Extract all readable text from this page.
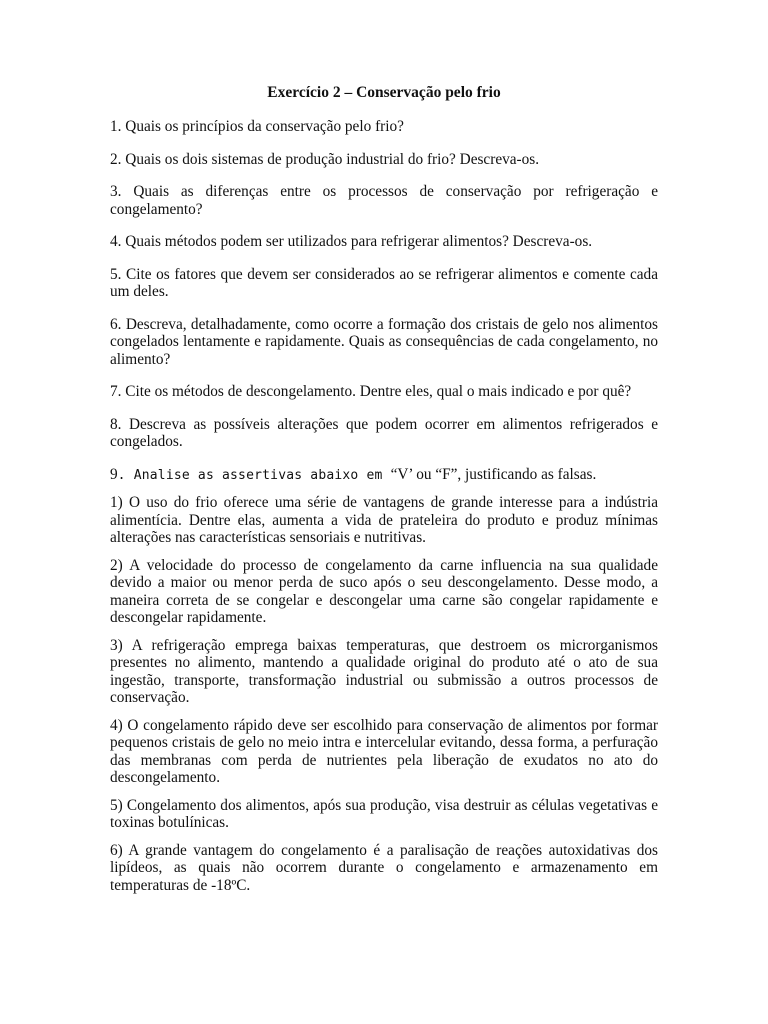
Exercício 2 – Conservação pelo frio

1. Quais os princípios da conservação pelo frio?

2. Quais os dois sistemas de produção industrial do frio? Descreva-os.

3. Quais as diferenças entre os processos de conservação por refrigeração e congelamento?

4. Quais métodos podem ser utilizados para refrigerar alimentos? Descreva-os.

5. Cite os fatores que devem ser considerados ao se refrigerar alimentos e comente cada um deles.

6. Descreva, detalhadamente, como ocorre a formação dos cristais de gelo nos alimentos congelados lentamente e rapidamente. Quais as consequências de cada congelamento, no alimento?

7. Cite os métodos de descongelamento. Dentre eles, qual o mais indicado e por quê?

8. Descreva as possíveis alterações que podem ocorrer em alimentos refrigerados e congelados.

9. Analise as assertivas abaixo em “V’ ou “F”, justificando as falsas.

1) O uso do frio oferece uma série de vantagens de grande interesse para a indústria alimentícia. Dentre elas, aumenta a vida de prateleira do produto e produz mínimas alterações nas características sensoriais e nutritivas.

2) A velocidade do processo de congelamento da carne influencia na sua qualidade devido a maior ou menor perda de suco após o seu descongelamento. Desse modo, a maneira correta de se congelar e descongelar uma carne são congelar rapidamente e descongelar rapidamente.

3) A refrigeração emprega baixas temperaturas, que destroem os microrganismos presentes no alimento, mantendo a qualidade original do produto até o ato de sua ingestão, transporte, transformação industrial ou submissão a outros processos de conservação.

4) O congelamento rápido deve ser escolhido para conservação de alimentos por formar pequenos cristais de gelo no meio intra e intercelular evitando, dessa forma, a perfuração das membranas com perda de nutrientes pela liberação de exudatos no ato do descongelamento.

5) Congelamento dos alimentos, após sua produção, visa destruir as células vegetativas e toxinas botulínicas.

6) A grande vantagem do congelamento é a paralisação de reações autoxidativas dos lipídeos, as quais não ocorrem durante o congelamento e armazenamento em temperaturas de -18ºC.
